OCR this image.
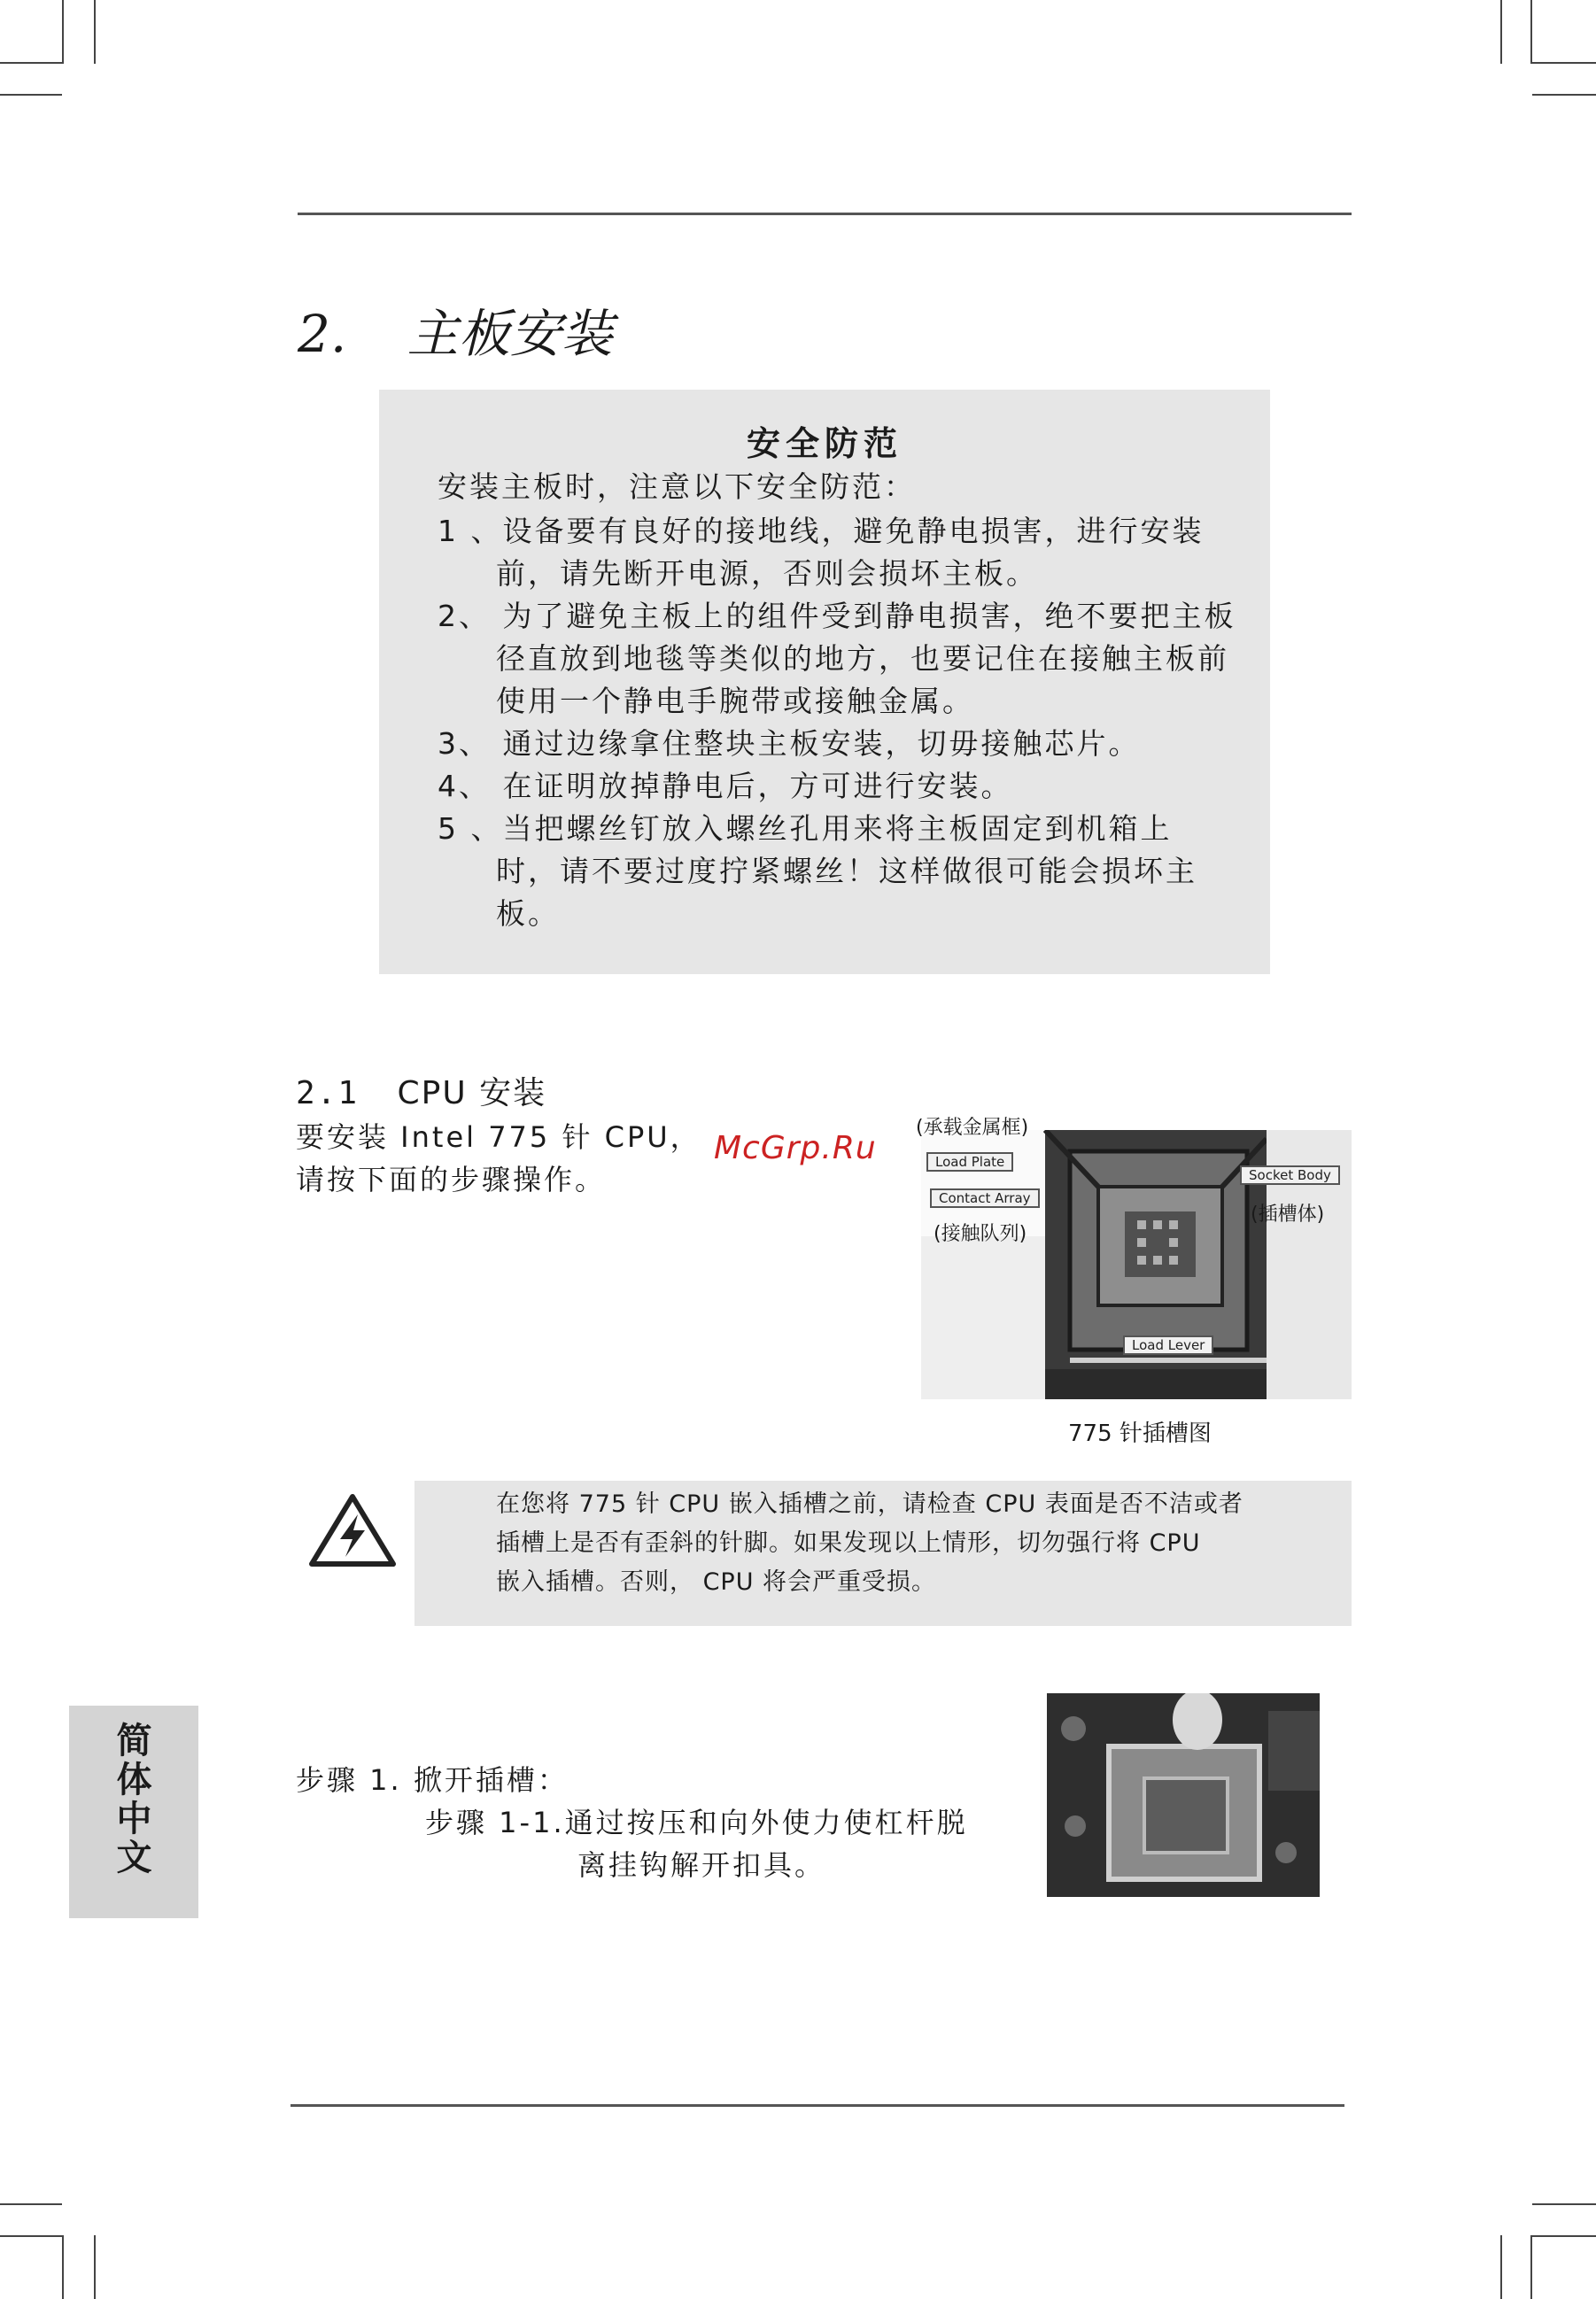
2. 主板安装
安全防范
安装主板时，注意以下安全防范：
1 、设备要有良好的接地线，避免静电损害，进行安装
前，请先断开电源，否则会损坏主板。
2、 为了避免主板上的组件受到静电损害，绝不要把主板
径直放到地毯等类似的地方，也要记住在接触主板前
使用一个静电手腕带或接触金属。
3、 通过边缘拿住整块主板安装，切毋接触芯片。
4、 在证明放掉静电后，方可进行安装。
5 、当把螺丝钉放入螺丝孔用来将主板固定到机箱上
时，请不要过度拧紧螺丝！这样做很可能会损坏主
板。
2.1 CPU 安装
要安装 Intel 775 针 CPU，
请按下面的步骤操作。
McGrp.Ru
(承载金属框)
Load Plate
Contact Array
(接触队列)
Socket Body
(插槽体)
Load Lever
775 针插槽图
在您将 775 针 CPU 嵌入插槽之前，请检查 CPU 表面是否不洁或者
插槽上是否有歪斜的针脚。如果发现以上情形，切勿强行将 CPU
嵌入插槽。否则， CPU 将会严重受损。
简体中文	步骤 1. 掀开插槽：
步骤 1-1.通过按压和向外使力使杠杆脱
离挂钩解开扣具。
